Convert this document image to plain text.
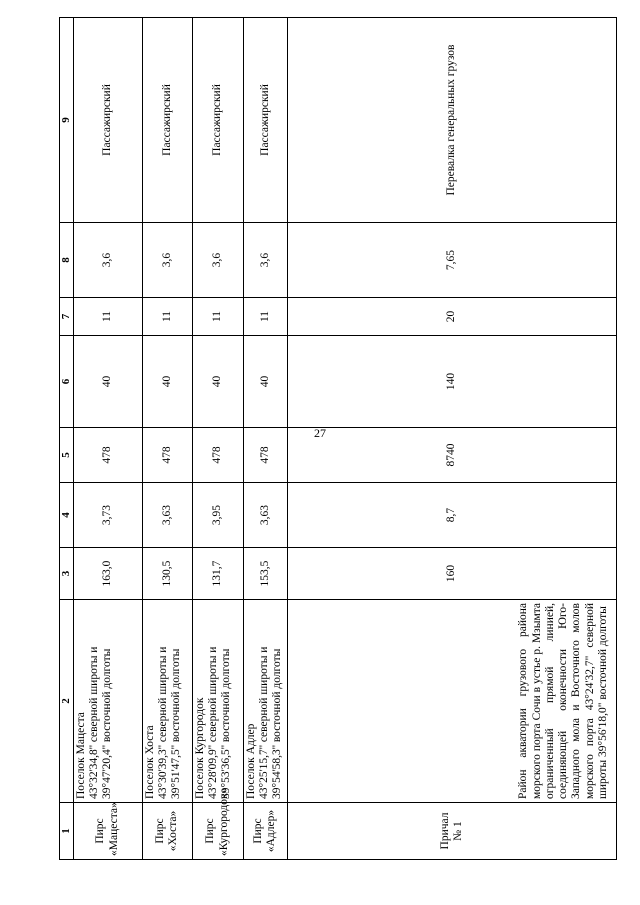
27
1	2	3	4	5	6	7	8	9
Пирс «Мацеста»	Поселок Мацеста 43°32'34,8'' северной широты и 39°47'20,4'' восточной долготы	163,0	3,73	478	40	11	3,6	Пассажирский
Пирс «Хоста»	Поселок Хоста 43°30'39,3'' северной широты и 39°51'47,5'' восточной долготы	130,5	3,63	478	40	11	3,6	Пассажирский
Пирс «Кургородок»	Поселок Кургородок 43°28'09,9'' северной широты и 39°53'36,5'' восточной долготы	131,7	3,95	478	40	11	3,6	Пассажирский
Пирс «Адлер»	Поселок Адлер 43°25'15,7'' северной широты и 39°54'58,3'' восточной долготы	153,5	3,63	478	40	11	3,6	Пассажирский
Причал № 1	Район акватории грузового района морского порта Сочи в устье р. Мзымта ограниченный прямой линией, соединяющей оконечности Юго-Западного мола и Восточного молов морского порта 43°24'32,7" северной широты 39°56'18,0" восточной долготы	160	8,7	8740	140	20	7,65	Перевалка генеральных грузов
